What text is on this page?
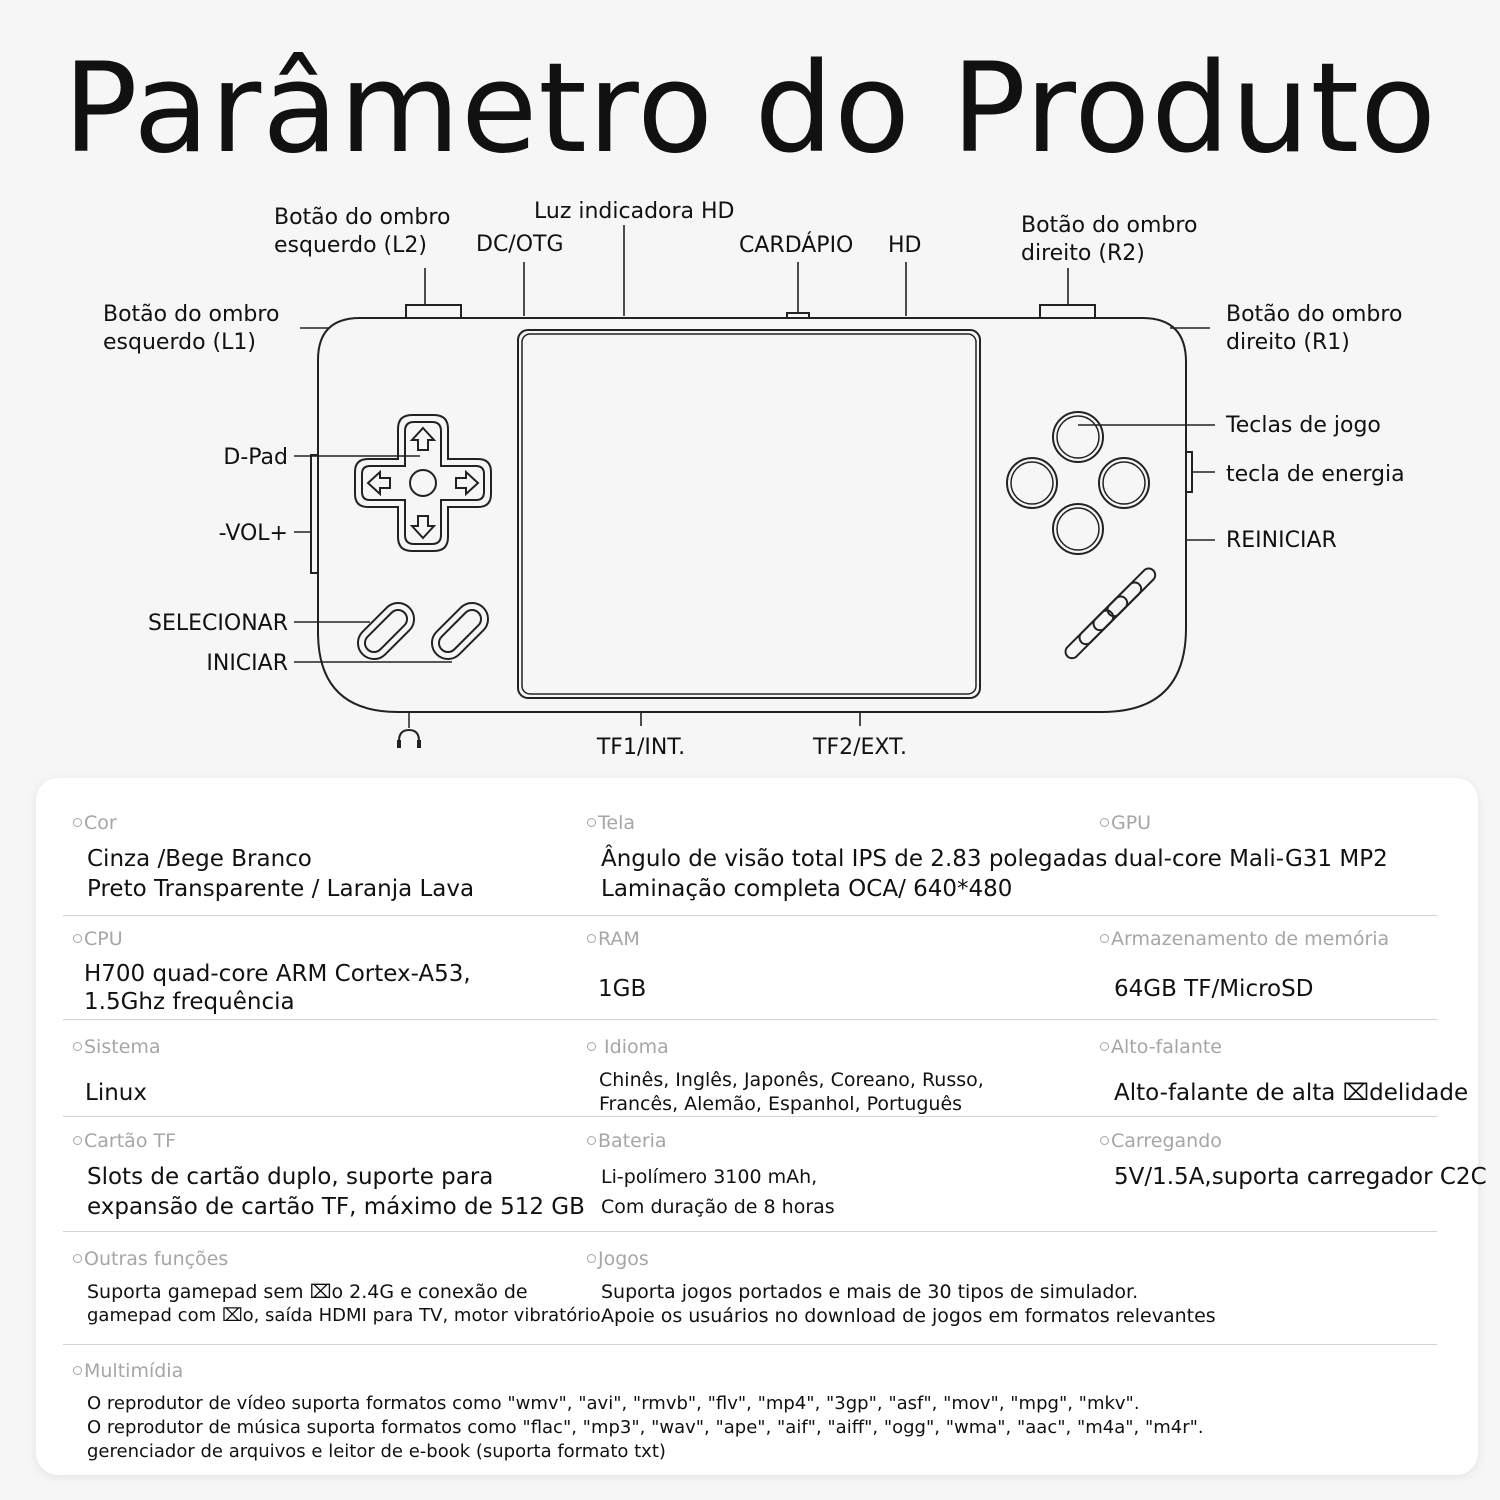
Parâmetro do Produto
Botão do ombro esquerdo (L2)	DC/OTG
Luz indicadora HD
CARDÁPIO HD
Botão do ombro direito (R2)
Botão do ombro esquerdo (L1)
Botão do ombro direito (R1)
D-Pad
-VOL+
SELECIONAR
INICIAR
Teclas de jogo
tecla de energia
REINICIAR
TF1/INT.	TF2/EXT.
Cor
Cinza /Bege Branco
Preto Transparente / Laranja Lava
Tela
Ângulo de visão total IPS de 2.83 polegadas
Laminação completa OCA/ 640*480
GPU
dual-core Mali-G31 MP2
CPU
H700 quad-core ARM Cortex-A53,
1.5Ghz frequência
RAM
1GB
Armazenamento de memória
64GB TF/MicroSD
Sistema
Linux
Idioma
Chinês, Inglês, Japonês, Coreano, Russo,
Francês, Alemão, Espanhol, Português
Alto-falante
Alto-falante de alta ⌧delidade
Cartão TF
Slots de cartão duplo, suporte para
expansão de cartão TF, máximo de 512 GB
Bateria
Li-polímero 3100 mAh,
Com duração de 8 horas
Carregando
5V/1.5A,suporta carregador C2C
Outras funções
Suporta gamepad sem ⌧o 2.4G e conexão de
gamepad com ⌧o, saída HDMI para TV, motor vibratório
Jogos
Suporta jogos portados e mais de 30 tipos de simulador.
Apoie os usuários no download de jogos em formatos relevantes
Multimídia
O reprodutor de vídeo suporta formatos como "wmv", "avi", "rmvb", "flv", "mp4", "3gp", "asf", "mov", "mpg", "mkv".
O reprodutor de música suporta formatos como "flac", "mp3", "wav", "ape", "aif", "aiff", "ogg", "wma", "aac", "m4a", "m4r".
gerenciador de arquivos e leitor de e-book (suporta formato txt)
